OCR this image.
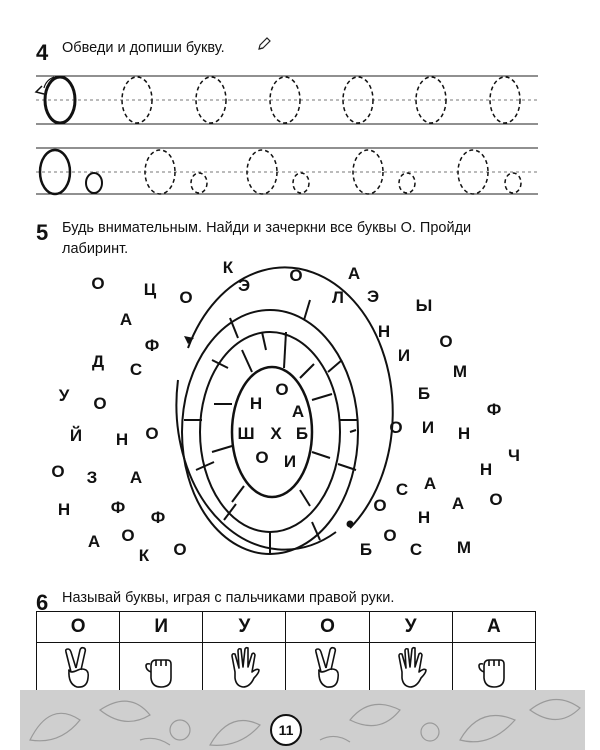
4 Обведи и допиши букву.
5 Будь внимательным. Найди и зачеркни все буквы О. Пройди
лабиринт.
К
Э
О	А
О Ц О	Л Э Ы
А
Н
Ф	О
Д	И
М
С
Б
У О	Ф
Й Н О	О И Н
Ч
Н
О З А
С А
Н Ф	О
Ф
А
О
К О	Б
О
С М
Н
А
О
О
Н А
Ш Х Б
О И
6 Называй буквы, играя с пальчиками правой руки.
О	И	У	О	У	А

11
